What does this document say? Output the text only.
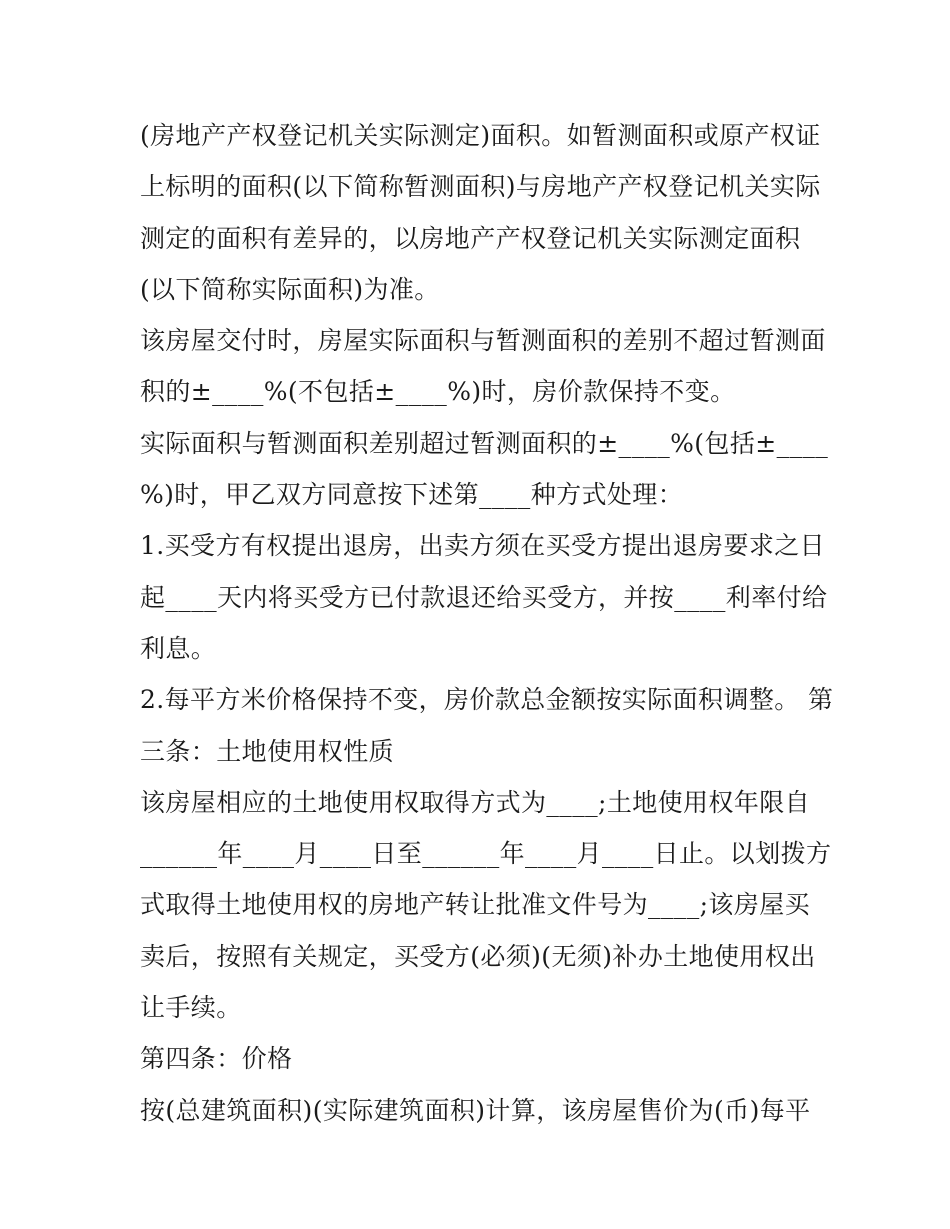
(房地产产权登记机关实际测定)面积。如暂测面积或原产权证
上标明的面积(以下简称暂测面积)与房地产产权登记机关实际
测定的面积有差异的，以房地产产权登记机关实际测定面积
(以下简称实际面积)为准。
该房屋交付时，房屋实际面积与暂测面积的差别不超过暂测面
积的±____%(不包括±____%)时，房价款保持不变。
实际面积与暂测面积差别超过暂测面积的±____%(包括±____
%)时，甲乙双方同意按下述第____种方式处理：
1.买受方有权提出退房，出卖方须在买受方提出退房要求之日
起____天内将买受方已付款退还给买受方，并按____利率付给
利息。
2.每平方米价格保持不变，房价款总金额按实际面积调整。 第
三条：土地使用权性质
该房屋相应的土地使用权取得方式为____;土地使用权年限自
______年____月____日至______年____月____日止。以划拨方
式取得土地使用权的房地产转让批准文件号为____;该房屋买
卖后，按照有关规定，买受方(必须)(无须)补办土地使用权出
让手续。
第四条：价格
按(总建筑面积)(实际建筑面积)计算，该房屋售价为(币)每平
